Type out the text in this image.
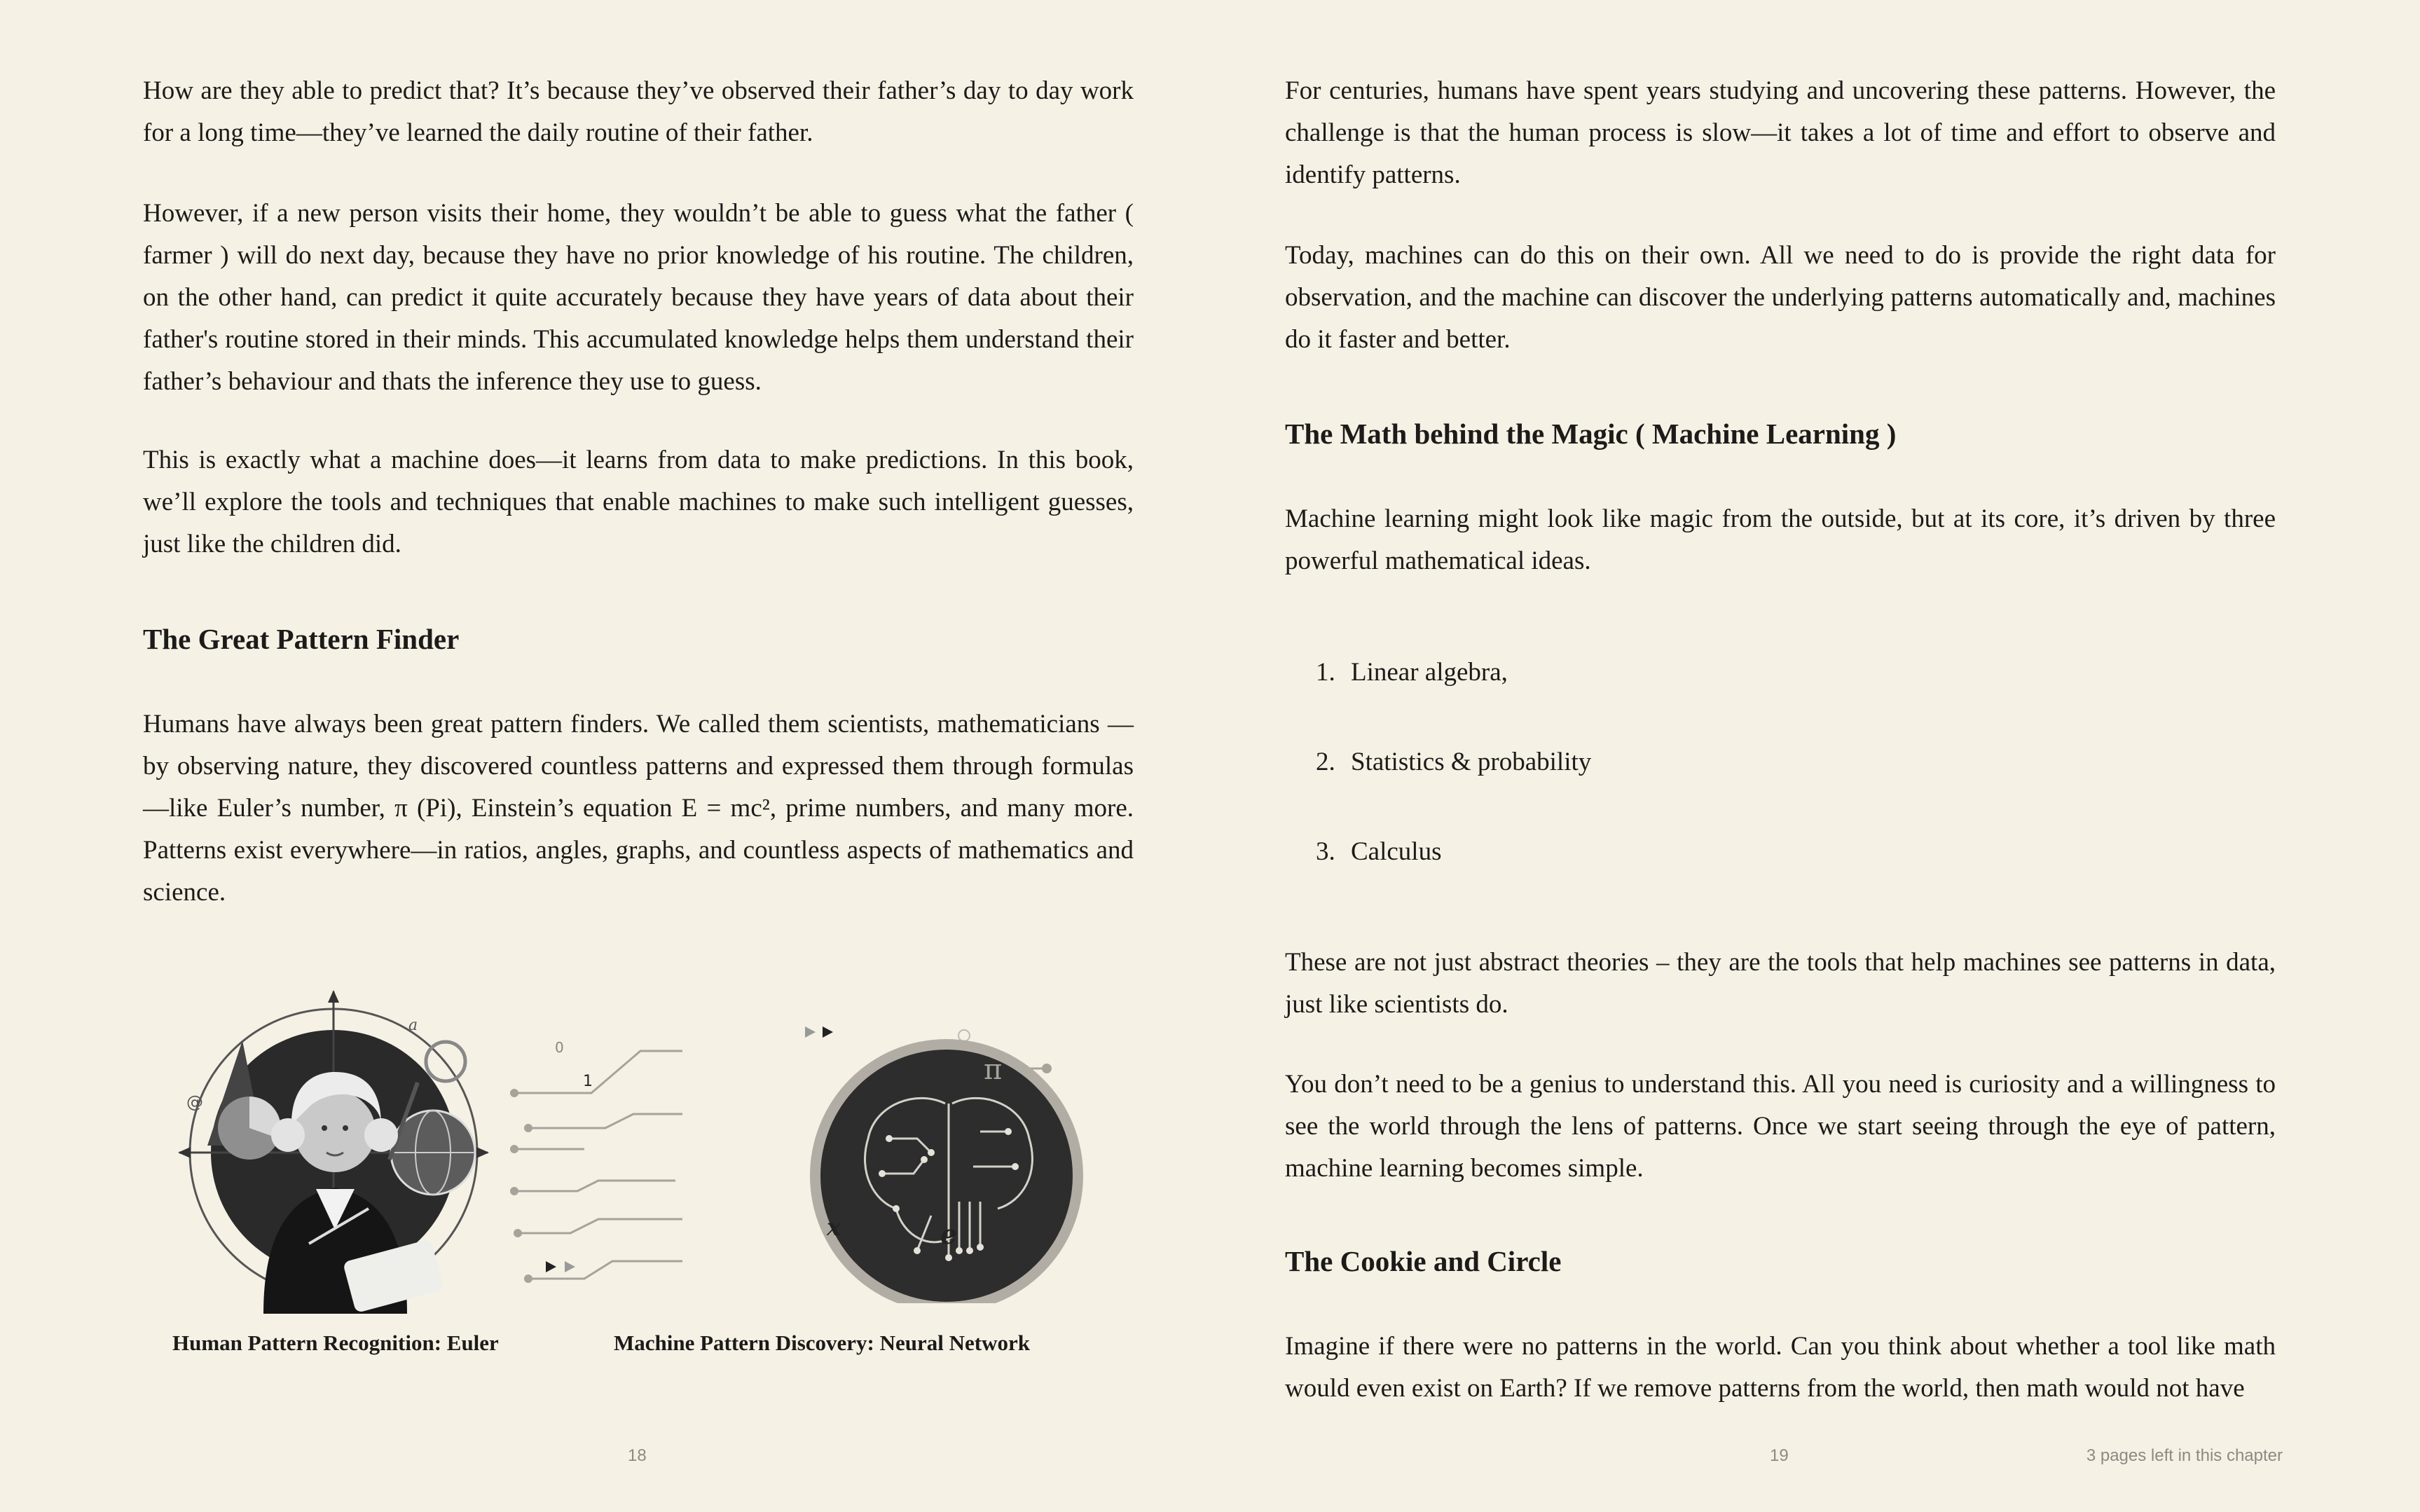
How are they able to predict that? It’s because they’ve observed their father’s day to day work for a long time—they’ve learned the daily routine of their father.

However, if a new person visits their home, they wouldn’t be able to guess what the father ( farmer ) will do next day, because they have no prior knowledge of his routine. The children, on the other hand, can predict it quite accurately because they have years of data about their father's routine stored in their minds. This accumulated knowledge helps them understand their father’s behaviour and thats the inference they use to guess.

This is exactly what a machine does—it learns from data to make predictions. In this book, we’ll explore the tools and techniques that enable machines to make such intelligent guesses, just like the children did.

The Great Pattern Finder

Humans have always been great pattern finders. We called them scientists, mathematicians — by observing nature, they discovered countless patterns and expressed them through formulas—like Euler’s number, π (Pi), Einstein’s equation E = mc², prime numbers, and many more. Patterns exist everywhere—in ratios, angles, graphs, and countless aspects of mathematics and science.

@
a
0
1
x
π
e
Human Pattern Recognition: Euler	Machine Pattern Discovery: Neural Network
18

For centuries, humans have spent years studying and uncovering these patterns. However, the challenge is that the human process is slow—it takes a lot of time and effort to observe and identify patterns.

Today, machines can do this on their own. All we need to do is provide the right data for observation, and the machine can discover the underlying patterns automatically and, machines do it faster and better.

The Math behind the Magic ( Machine Learning )

Machine learning might look like magic from the outside, but at its core, it’s driven by three powerful mathematical ideas.

1. Linear algebra,
2. Statistics & probability
3. Calculus

These are not just abstract theories – they are the tools that help machines see patterns in data, just like scientists do.

You don’t need to be a genius to understand this. All you need is curiosity and a willingness to see the world through the lens of patterns. Once we start seeing through the eye of pattern, machine learning becomes simple.

The Cookie and Circle

Imagine if there were no patterns in the world. Can you think about whether a tool like math would even exist on Earth? If we remove patterns from the world, then math would not have

19	3 pages left in this chapter
